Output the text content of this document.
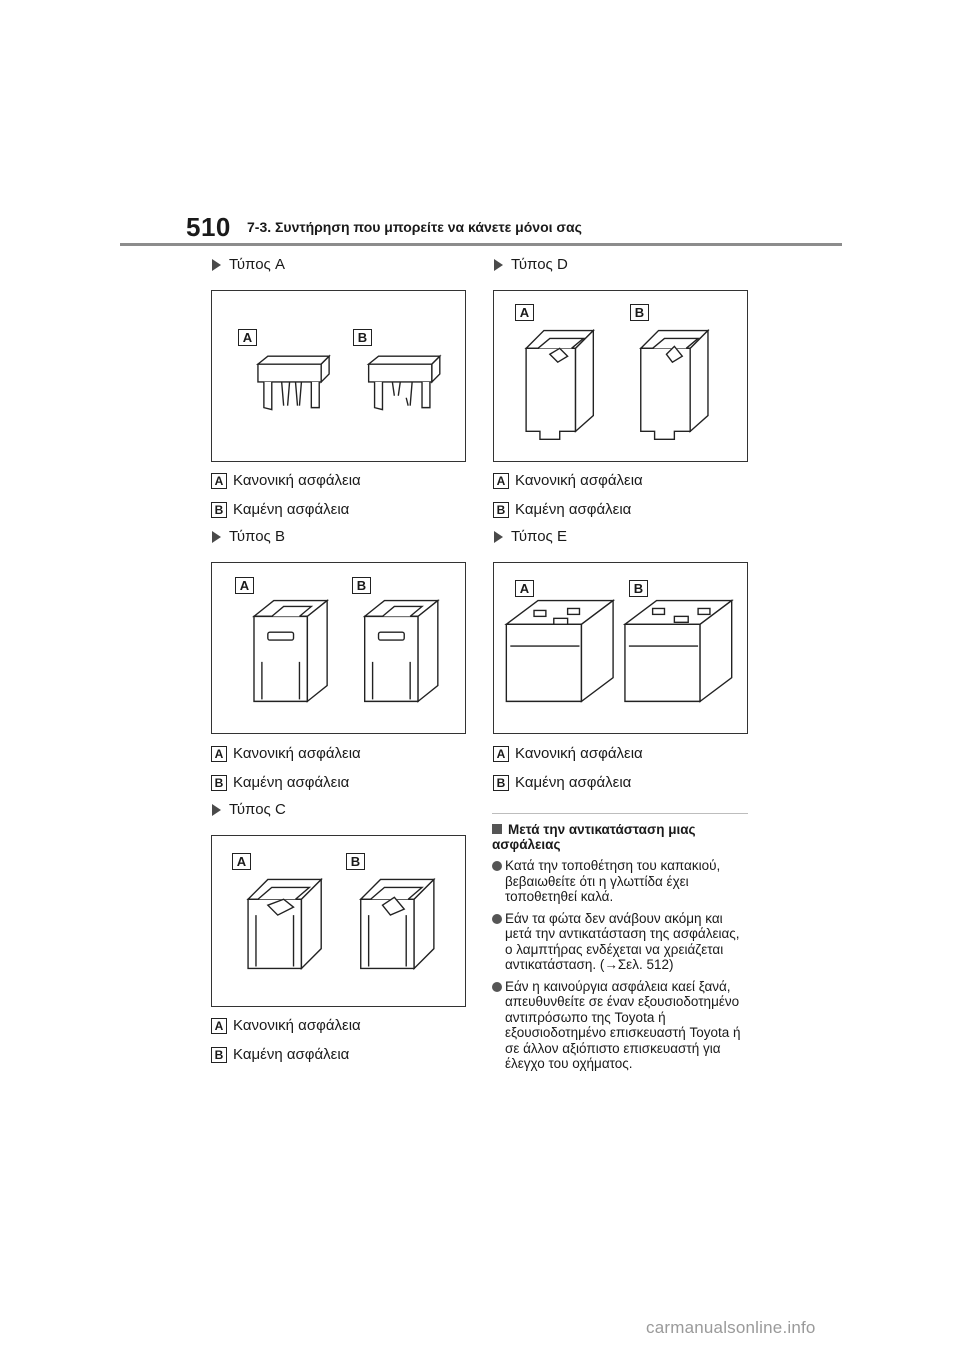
510 7-3. Συντήρηση που μπορείτε να κάνετε μόνοι σας
Τύπος A
A	B
A Κανονική ασφάλεια
B Καμένη ασφάλεια
Τύπος B
A	B
A Κανονική ασφάλεια
B Καμένη ασφάλεια
Τύπος C
A	B
A Κανονική ασφάλεια
B Καμένη ασφάλεια
Τύπος D
A	B
A Κανονική ασφάλεια
B Καμένη ασφάλεια
Τύπος E
A	B
A Κανονική ασφάλεια
B Καμένη ασφάλεια
Μετά την αντικατάσταση μιας ασφάλειας
Κατά την τοποθέτηση του καπακιού, βεβαιωθείτε ότι η γλωττίδα έχει τοποθετηθεί καλά.
Εάν τα φώτα δεν ανάβουν ακόμη και μετά την αντικατάσταση της ασφάλειας, ο λαμπτήρας ενδέχεται να χρειάζεται αντικατάσταση. (→Σελ. 512)
Εάν η καινούργια ασφάλεια καεί ξανά, απευθυνθείτε σε έναν εξουσιοδοτημένο αντιπρόσωπο της Toyota ή εξουσιοδοτημένο επισκευαστή Toyota ή σε άλλον αξιόπιστο επισκευαστή για έλεγχο του οχήματος.
carmanualsonline.info
